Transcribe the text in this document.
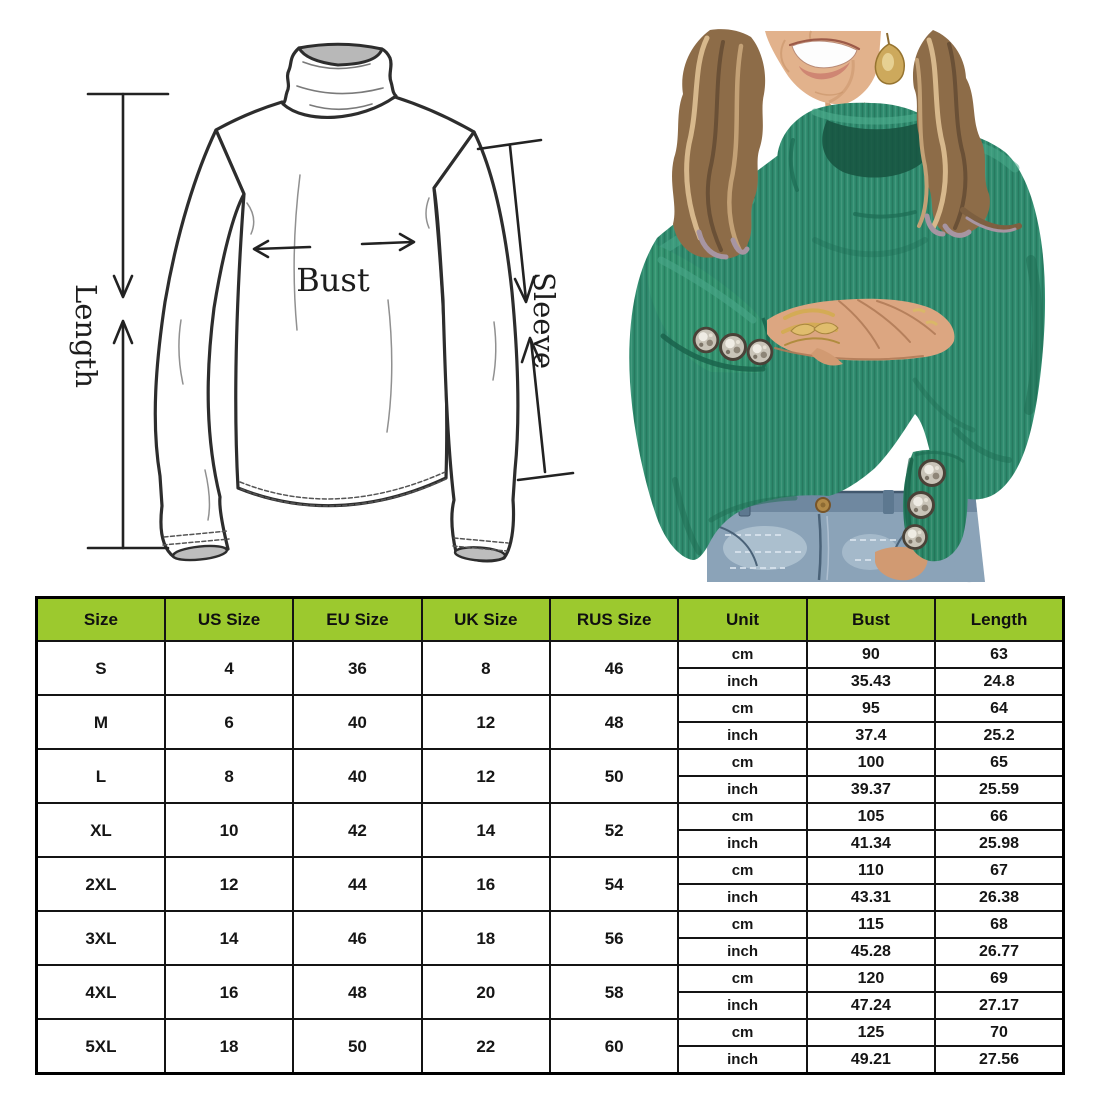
Length
Bust	Sleeve
Size	US Size	EU Size	UK Size	RUS Size	Unit	Bust	Length
S	4	36	8	46	cm	90	63
					inch	35.43	24.8
M	6	40	12	48	cm	95	64
					inch	37.4	25.2
L	8	40	12	50	cm	100	65
					inch	39.37	25.59
XL	10	42	14	52	cm	105	66
					inch	41.34	25.98
2XL	12	44	16	54	cm	110	67
					inch	43.31	26.38
3XL	14	46	18	56	cm	115	68
					inch	45.28	26.77
4XL	16	48	20	58	cm	120	69
					inch	47.24	27.17
5XL	18	50	22	60	cm	125	70
					inch	49.21	27.56
